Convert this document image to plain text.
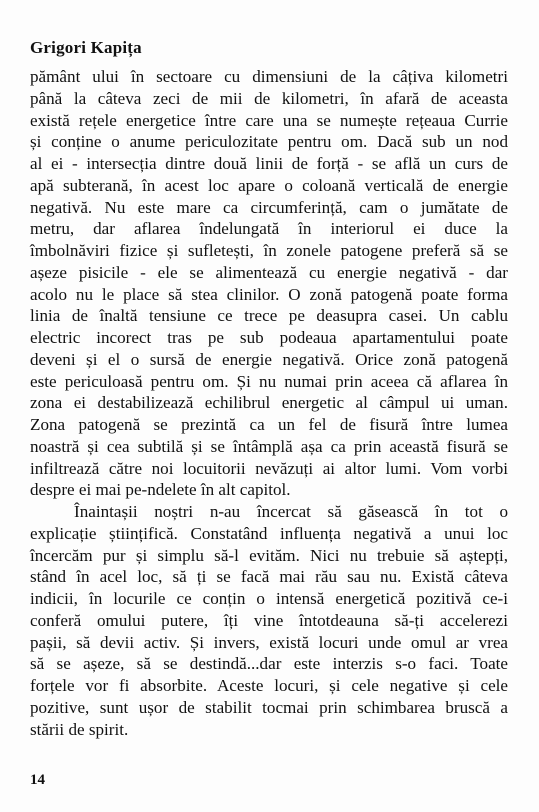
Grigori Kapița
pământ ului în sectoare cu dimensiuni de la câțiva kilometri
până la câteva zeci de mii de kilometri, în afară de aceasta
există rețele energetice între care una se numește rețeaua Currie
și conține o anume periculozitate pentru om. Dacă sub un nod
al ei - intersecția dintre două linii de forță - se află un curs de
apă subterană, în acest loc apare o coloană verticală de energie
negativă. Nu este mare ca circumferință, cam o jumătate de
metru, dar aflarea îndelungată în interiorul ei duce la
îmbolnăviri fizice și sufletești, în zonele patogene preferă să se
așeze pisicile - ele se alimentează cu energie negativă - dar
acolo nu le place să stea clinilor. O zonă patogenă poate forma
linia de înaltă tensiune ce trece pe deasupra casei. Un cablu
electric incorect tras pe sub podeaua apartamentului poate
deveni și el o sursă de energie negativă. Orice zonă patogenă
este periculoasă pentru om. Și nu numai prin aceea că aflarea în
zona ei destabilizează echilibrul energetic al câmpul ui uman.
Zona patogenă se prezintă ca un fel de fisură între lumea
noastră și cea subtilă și se întâmplă așa ca prin această fisură se
infiltrează către noi locuitorii nevăzuți ai altor lumi. Vom vorbi
despre ei mai pe-ndelete în alt capitol.
Înaintașii noștri n-au încercat să găsească în tot o
explicație științifică. Constatând influența negativă a unui loc
încercăm pur și simplu să-l evităm. Nici nu trebuie să aștepți,
stând în acel loc, să ți se facă mai rău sau nu. Există câteva
indicii, în locurile ce conțin o intensă energetică pozitivă ce-i
conferă omului putere, îți vine întotdeauna să-ți accelerezi
pașii, să devii activ. Și invers, există locuri unde omul ar vrea
să se așeze, să se destindă...dar este interzis s-o faci. Toate
forțele vor fi absorbite. Aceste locuri, și cele negative și cele
pozitive, sunt ușor de stabilit tocmai prin schimbarea bruscă a
stării de spirit.
14
